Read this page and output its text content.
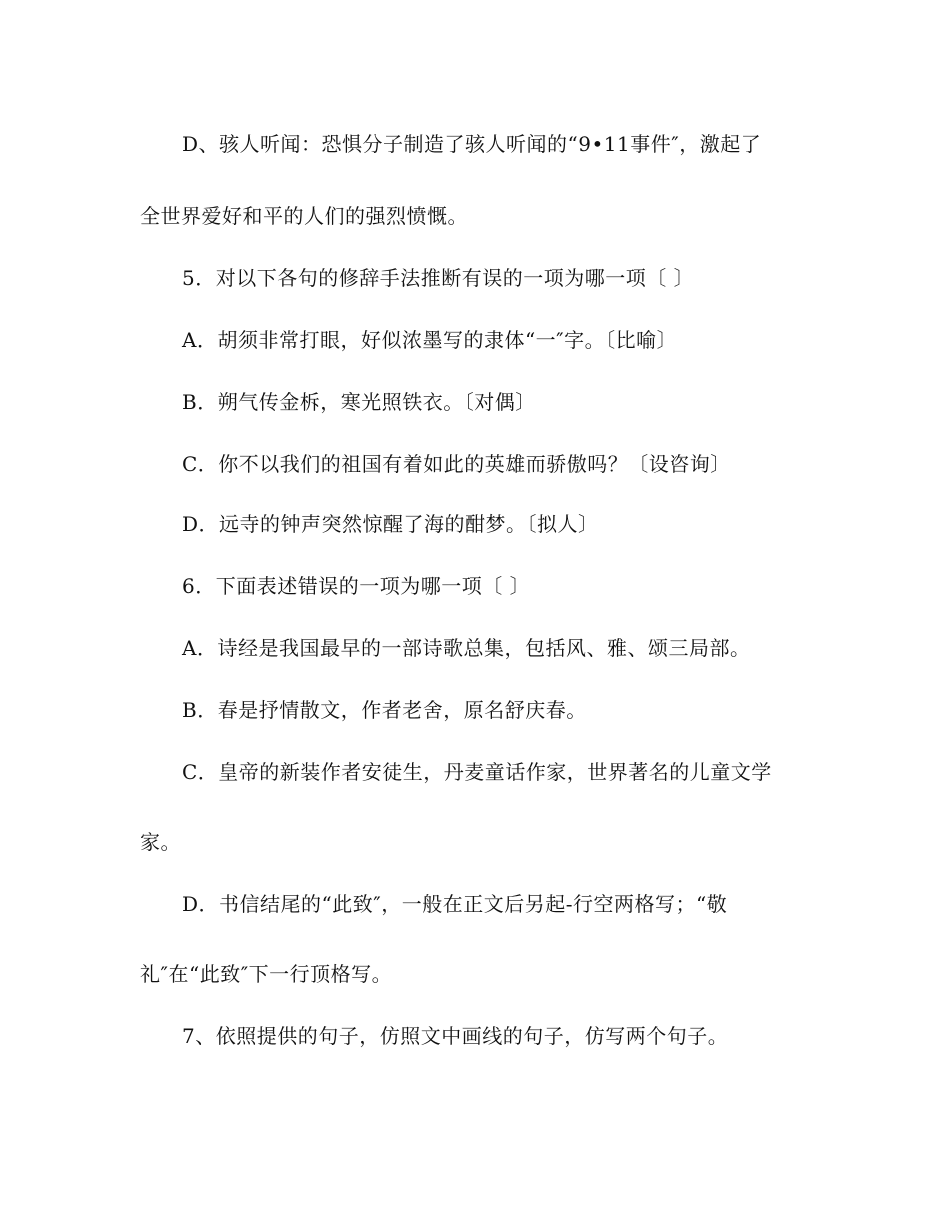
D、骇人听闻：恐惧分子制造了骇人听闻的“9•11事件″，激起了

全世界爱好和平的人们的强烈愤慨。

5．对以下各句的修辞手法推断有误的一项为哪一项〔 〕

A．胡须非常打眼，好似浓墨写的隶体“一″字。〔比喻〕

B．朔气传金柝，寒光照铁衣。〔对偶〕

C．你不以我们的祖国有着如此的英雄而骄傲吗？〔设咨询〕

D．远寺的钟声突然惊醒了海的酣梦。〔拟人〕

6．下面表述错误的一项为哪一项〔 〕

A．诗经是我国最早的一部诗歌总集，包括风、雅、颂三局部。

B．春是抒情散文，作者老舍，原名舒庆春。

C．皇帝的新装作者安徒生，丹麦童话作家，世界著名的儿童文学

家。

D．书信结尾的“此致″，一般在正文后另起-行空两格写；“敬

礼″在“此致″下一行顶格写。

7、依照提供的句子，仿照文中画线的句子，仿写两个句子。
